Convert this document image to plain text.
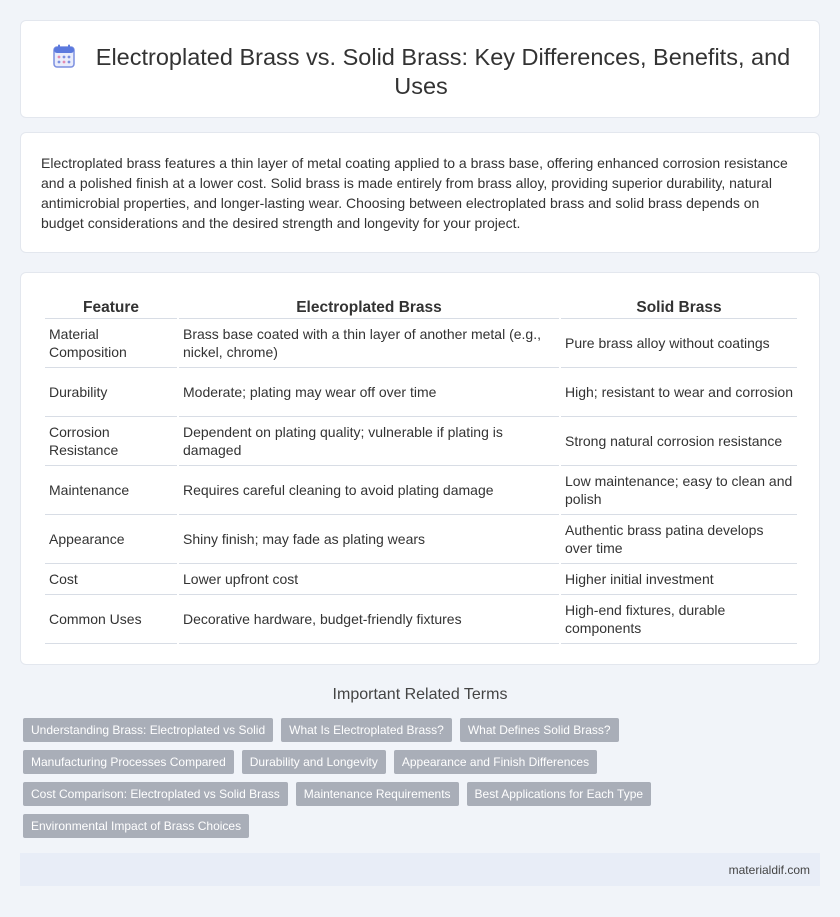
Electroplated Brass vs. Solid Brass: Key Differences, Benefits, and Uses

Electroplated brass features a thin layer of metal coating applied to a brass base, offering enhanced corrosion resistance and a polished finish at a lower cost. Solid brass is made entirely from brass alloy, providing superior durability, natural antimicrobial properties, and longer-lasting wear. Choosing between electroplated brass and solid brass depends on budget considerations and the desired strength and longevity for your project.

Feature	Electroplated Brass	Solid Brass
Material Composition	Brass base coated with a thin layer of another metal (e.g., nickel, chrome)	Pure brass alloy without coatings
Durability	Moderate; plating may wear off over time	High; resistant to wear and corrosion
Corrosion Resistance	Dependent on plating quality; vulnerable if plating is damaged	Strong natural corrosion resistance
Maintenance	Requires careful cleaning to avoid plating damage	Low maintenance; easy to clean and polish
Appearance	Shiny finish; may fade as plating wears	Authentic brass patina develops over time
Cost	Lower upfront cost	Higher initial investment
Common Uses	Decorative hardware, budget-friendly fixtures	High-end fixtures, durable components
Important Related Terms
Understanding Brass: Electroplated vs Solid	What Is Electroplated Brass?	What Defines Solid Brass?
Manufacturing Processes Compared	Durability and Longevity	Appearance and Finish Differences
Cost Comparison: Electroplated vs Solid Brass	Maintenance Requirements	Best Applications for Each Type
Environmental Impact of Brass Choices
materialdif.com
